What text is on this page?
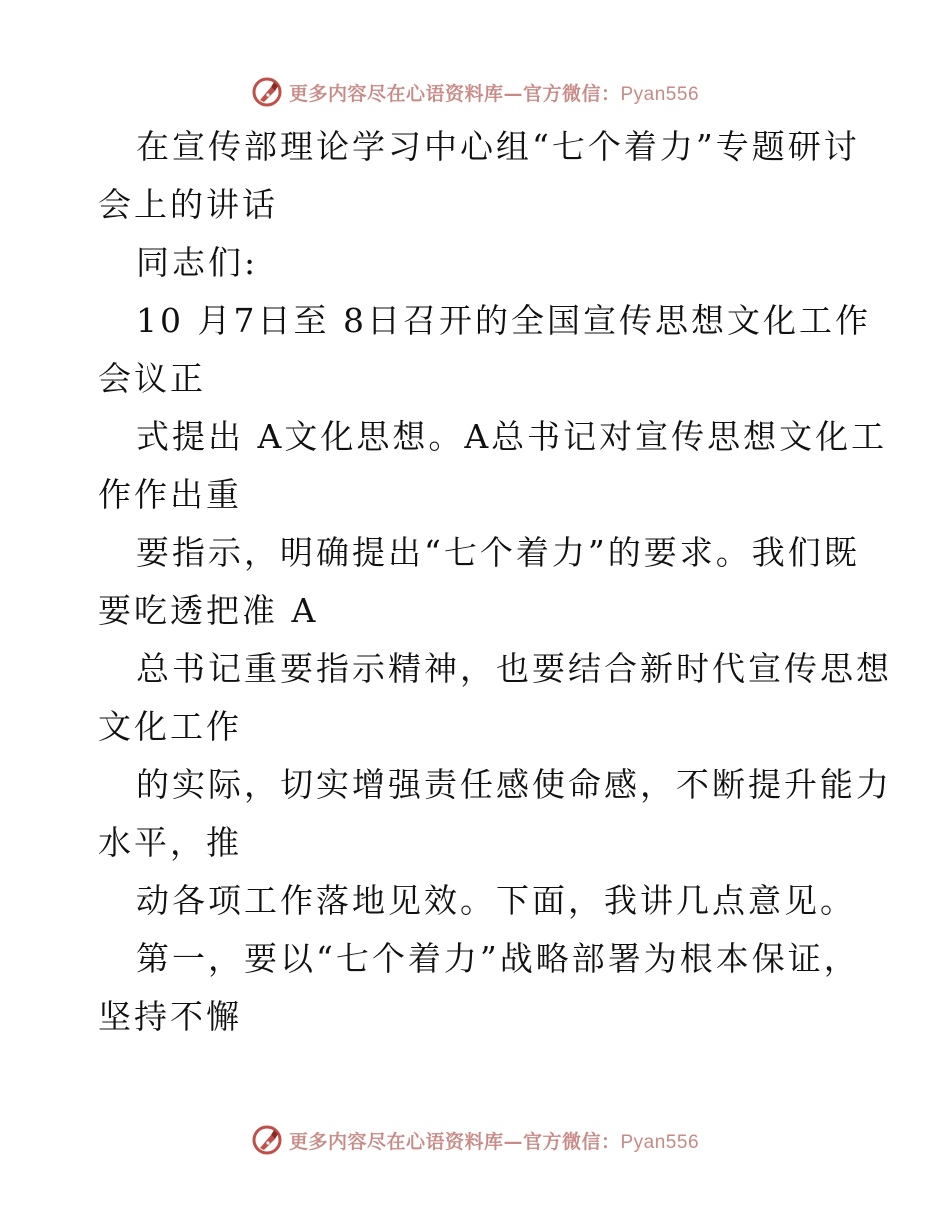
更多内容尽在心语资料库—官方微信：Pyan556
在宣传部理论学习中心组“七个着力”专题研讨
会上的讲话
同志们:
10 月7日至 8日召开的全国宣传思想文化工作
会议正
式提出 A文化思想。A总书记对宣传思想文化工
作作出重
要指示，明确提出“七个着力”的要求。我们既
要吃透把准 A
总书记重要指示精神，也要结合新时代宣传思想
文化工作
的实际，切实增强责任感使命感，不断提升能力
水平，推
动各项工作落地见效。下面，我讲几点意见。
第一，要以“七个着力”战略部署为根本保证，
坚持不懈
更多内容尽在心语资料库—官方微信：Pyan556
